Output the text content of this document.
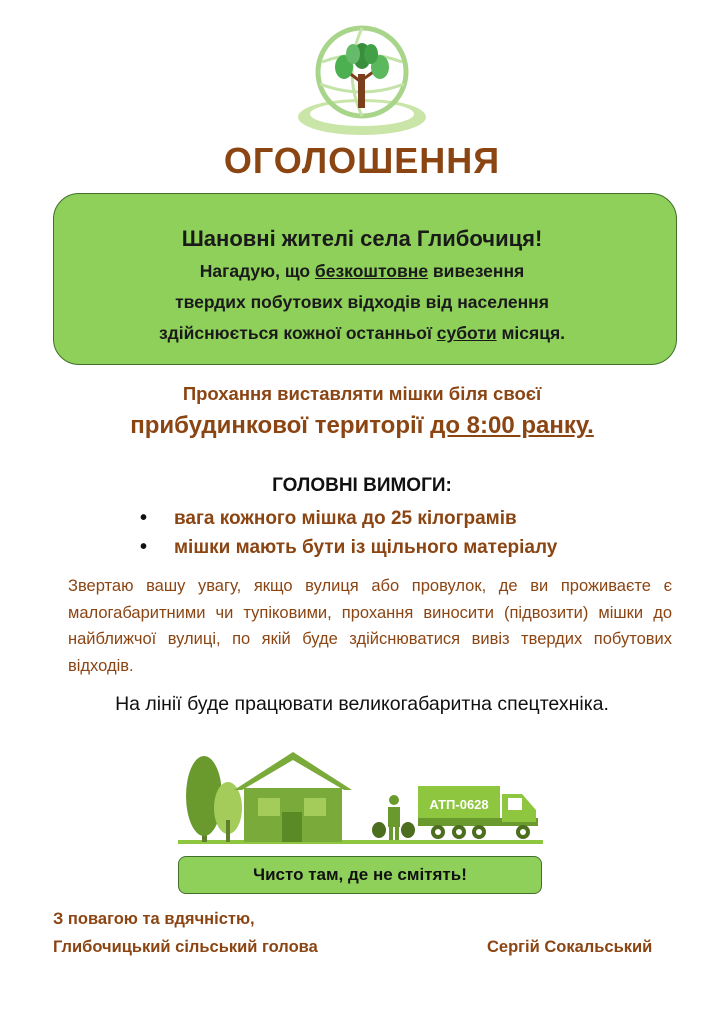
ОГОЛОШЕННЯ
Шановні жителі села Глибочиця!
Нагадую, що безкоштовне вивезення
твердих побутових відходів від населення
здійснюється кожної останньої суботи місяця.
Прохання виставляти мішки біля своєї
прибудинкової території до 8:00 ранку.
ГОЛОВНІ ВИМОГИ:
•	вага кожного мішка до 25 кілограмів
•	мішки мають бути із щільного матеріалу
Звертаю вашу увагу, якщо вулиця або провулок, де ви проживаєте є малогабаритними чи тупіковими, прохання виносити (підвозити) мішки до найближчої вулиці, по якій буде здійснюватися вивіз твердих побутових відходів.
На лінії буде працювати великогабаритна спецтехніка.
АТП-0628
Чисто там, де не смітять!
З повагою та вдячністю,
Глибочицький сільський голова	Сергій Сокальський
